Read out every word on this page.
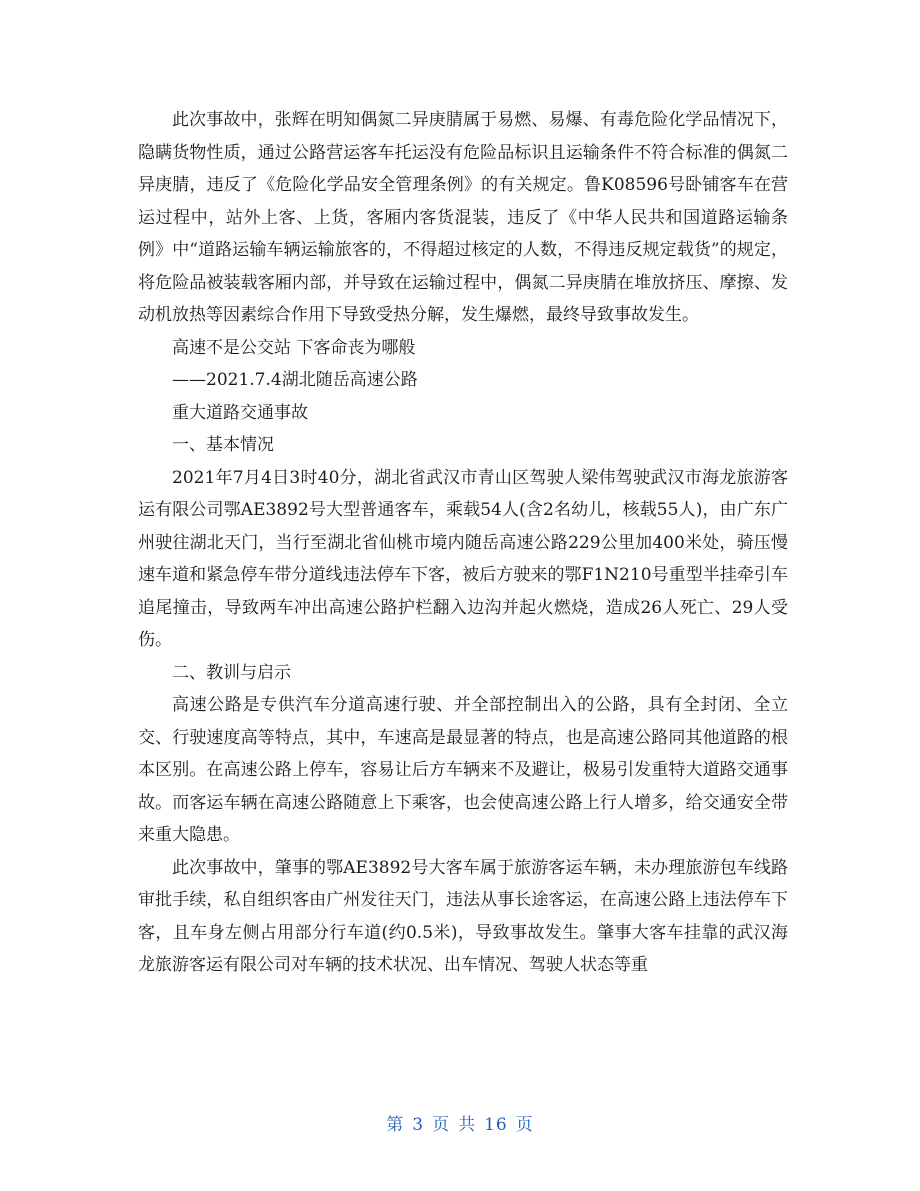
此次事故中，张辉在明知偶氮二异庚腈属于易燃、易爆、有毒危险化学品情况下，隐瞒货物性质，通过公路营运客车托运没有危险品标识且运输条件不符合标准的偶氮二异庚腈，违反了《危险化学品安全管理条例》的有关规定。鲁K08596号卧铺客车在营运过程中，站外上客、上货，客厢内客货混装，违反了《中华人民共和国道路运输条例》中“道路运输车辆运输旅客的，不得超过核定的人数，不得违反规定载货”的规定，将危险品被装载客厢内部，并导致在运输过程中，偶氮二异庚腈在堆放挤压、摩擦、发动机放热等因素综合作用下导致受热分解，发生爆燃，最终导致事故发生。

高速不是公交站 下客命丧为哪般

——2021.7.4湖北随岳高速公路

重大道路交通事故

一、基本情况

2021年7月4日3时40分，湖北省武汉市青山区驾驶人梁伟驾驶武汉市海龙旅游客运有限公司鄂AE3892号大型普通客车，乘载54人(含2名幼儿，核载55人)，由广东广州驶往湖北天门，当行至湖北省仙桃市境内随岳高速公路229公里加400米处，骑压慢速车道和紧急停车带分道线违法停车下客，被后方驶来的鄂F1N210号重型半挂牵引车追尾撞击，导致两车冲出高速公路护栏翻入边沟并起火燃烧，造成26人死亡、29人受伤。

二、教训与启示

高速公路是专供汽车分道高速行驶、并全部控制出入的公路，具有全封闭、全立交、行驶速度高等特点，其中，车速高是最显著的特点，也是高速公路同其他道路的根本区别。在高速公路上停车，容易让后方车辆来不及避让，极易引发重特大道路交通事故。而客运车辆在高速公路随意上下乘客，也会使高速公路上行人增多，给交通安全带来重大隐患。

此次事故中，肇事的鄂AE3892号大客车属于旅游客运车辆，未办理旅游包车线路审批手续，私自组织客由广州发往天门，违法从事长途客运，在高速公路上违法停车下客，且车身左侧占用部分行车道(约0.5米)，导致事故发生。肇事大客车挂靠的武汉海龙旅游客运有限公司对车辆的技术状况、出车情况、驾驶人状态等重

第 3 页 共 16 页
